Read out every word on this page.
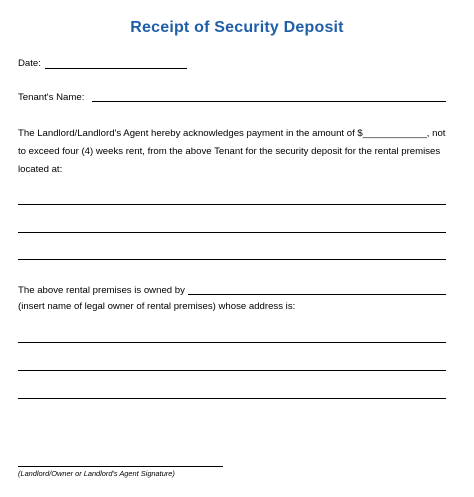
Receipt of Security Deposit
Date:
Tenant's Name:
The Landlord/Landlord's Agent hereby acknowledges payment in the amount of $____________, not
to exceed four (4) weeks rent, from the above Tenant for the security deposit for the rental premises
located at:
The above rental premises is owned by
(insert name of legal owner of rental premises) whose address is:
(Landlord/Owner or Landlord's Agent Signature)
